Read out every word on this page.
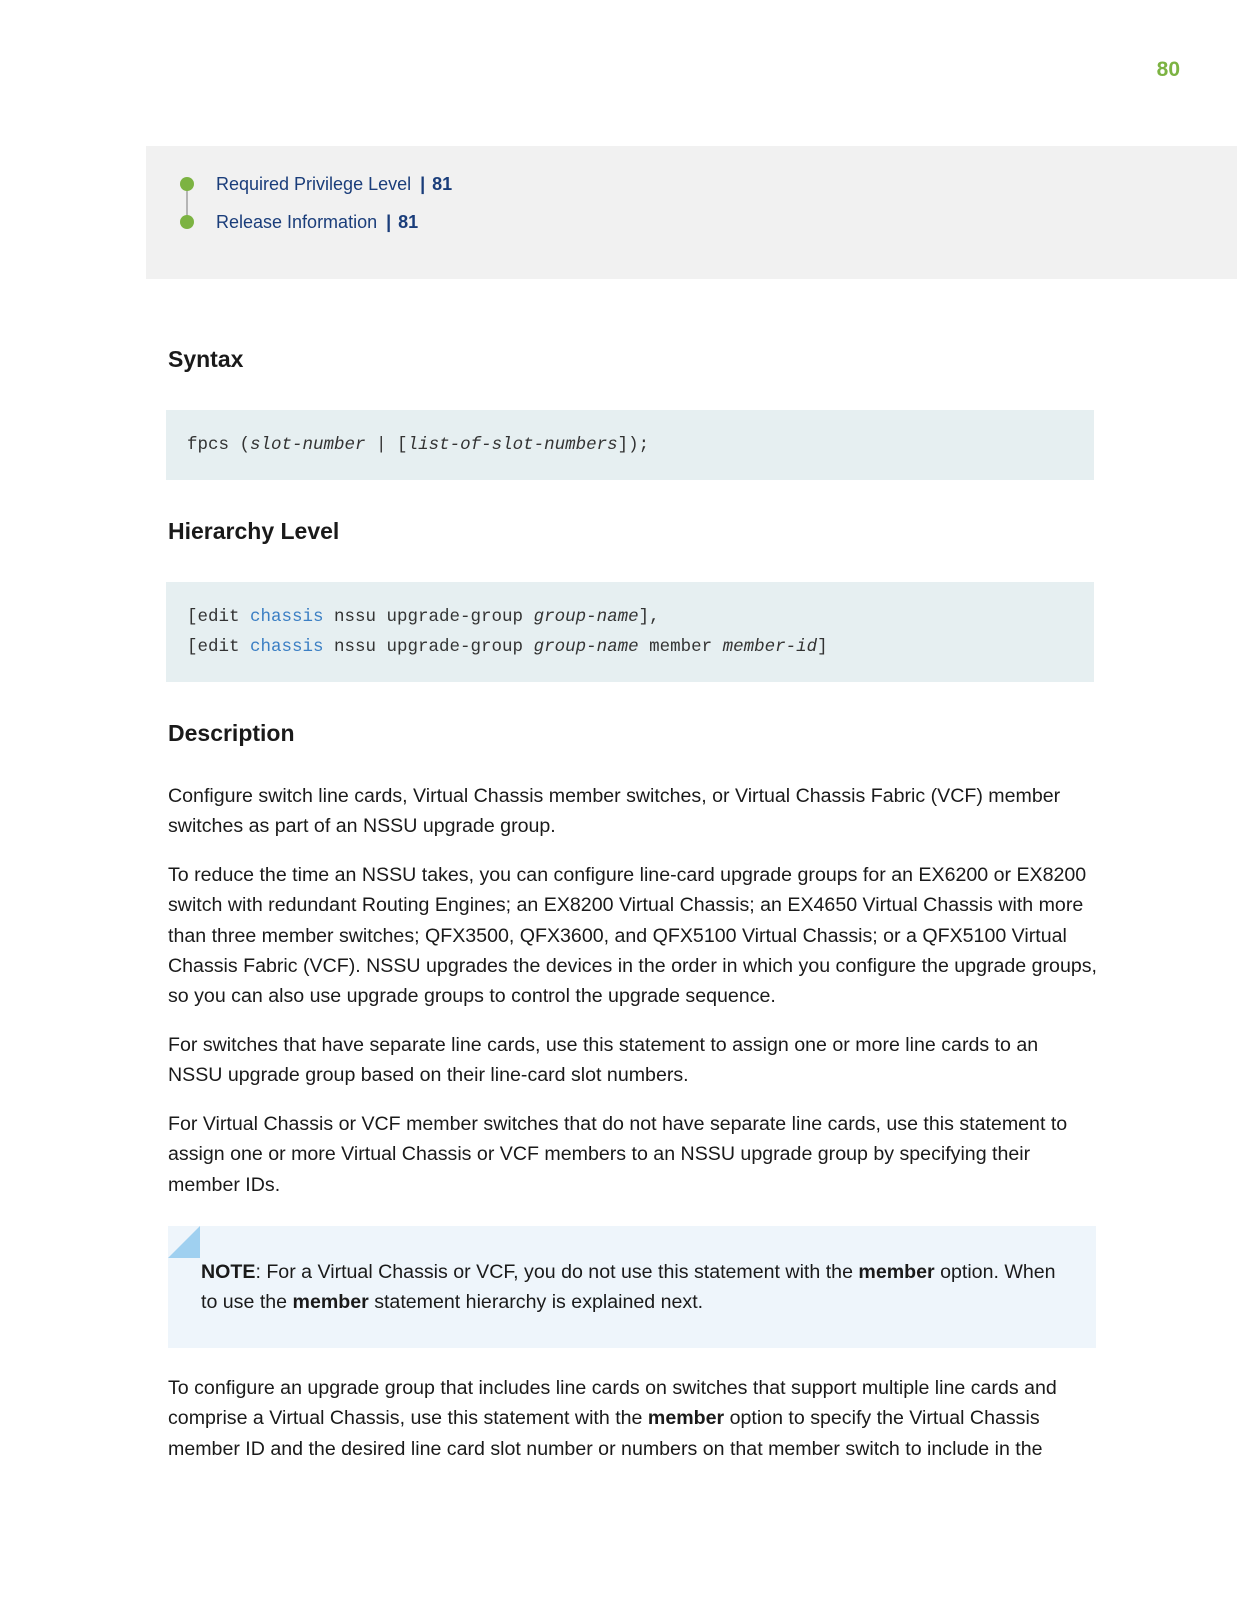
80
Required Privilege Level | 81
Release Information | 81
Syntax
fpcs (slot-number | [list-of-slot-numbers]);
Hierarchy Level
[edit chassis nssu upgrade-group group-name],
[edit chassis nssu upgrade-group group-name member member-id]
Description

Configure switch line cards, Virtual Chassis member switches, or Virtual Chassis Fabric (VCF) member switches as part of an NSSU upgrade group.

To reduce the time an NSSU takes, you can configure line-card upgrade groups for an EX6200 or EX8200 switch with redundant Routing Engines; an EX8200 Virtual Chassis; an EX4650 Virtual Chassis with more than three member switches; QFX3500, QFX3600, and QFX5100 Virtual Chassis; or a QFX5100 Virtual Chassis Fabric (VCF). NSSU upgrades the devices in the order in which you configure the upgrade groups, so you can also use upgrade groups to control the upgrade sequence.

For switches that have separate line cards, use this statement to assign one or more line cards to an NSSU upgrade group based on their line-card slot numbers.

For Virtual Chassis or VCF member switches that do not have separate line cards, use this statement to assign one or more Virtual Chassis or VCF members to an NSSU upgrade group by specifying their member IDs.

NOTE: For a Virtual Chassis or VCF, you do not use this statement with the member option. When to use the member statement hierarchy is explained next.

To configure an upgrade group that includes line cards on switches that support multiple line cards and comprise a Virtual Chassis, use this statement with the member option to specify the Virtual Chassis member ID and the desired line card slot number or numbers on that member switch to include in the
